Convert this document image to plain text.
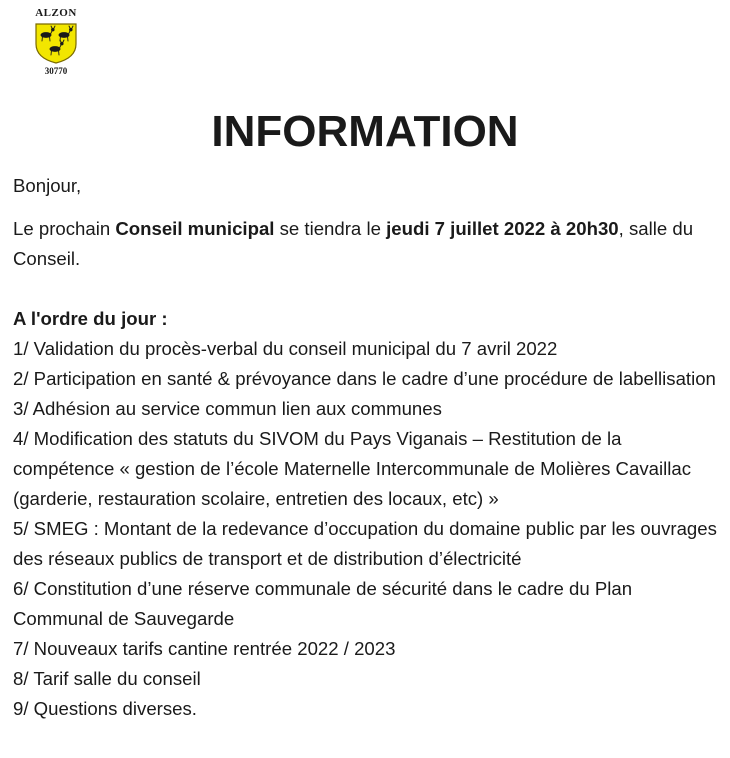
ALZON
30770
INFORMATION

Bonjour,

Le prochain Conseil municipal se tiendra le jeudi 7 juillet 2022 à 20h30, salle du Conseil.

A l'ordre du jour :

1/ Validation du procès-verbal du conseil municipal du 7 avril 2022

2/ Participation en santé & prévoyance dans le cadre d’une procédure de labellisation

3/ Adhésion au service commun lien aux communes

4/ Modification des statuts du SIVOM du Pays Viganais – Restitution de la compétence « gestion de l’école Maternelle Intercommunale de Molières Cavaillac (garderie, restauration scolaire, entretien des locaux, etc) »

5/ SMEG : Montant de la redevance d’occupation du domaine public par les ouvrages des réseaux publics de transport et de distribution d’électricité

6/ Constitution d’une réserve communale de sécurité dans le cadre du Plan Communal de Sauvegarde

7/ Nouveaux tarifs cantine rentrée 2022 / 2023

8/ Tarif salle du conseil

9/ Questions diverses.
